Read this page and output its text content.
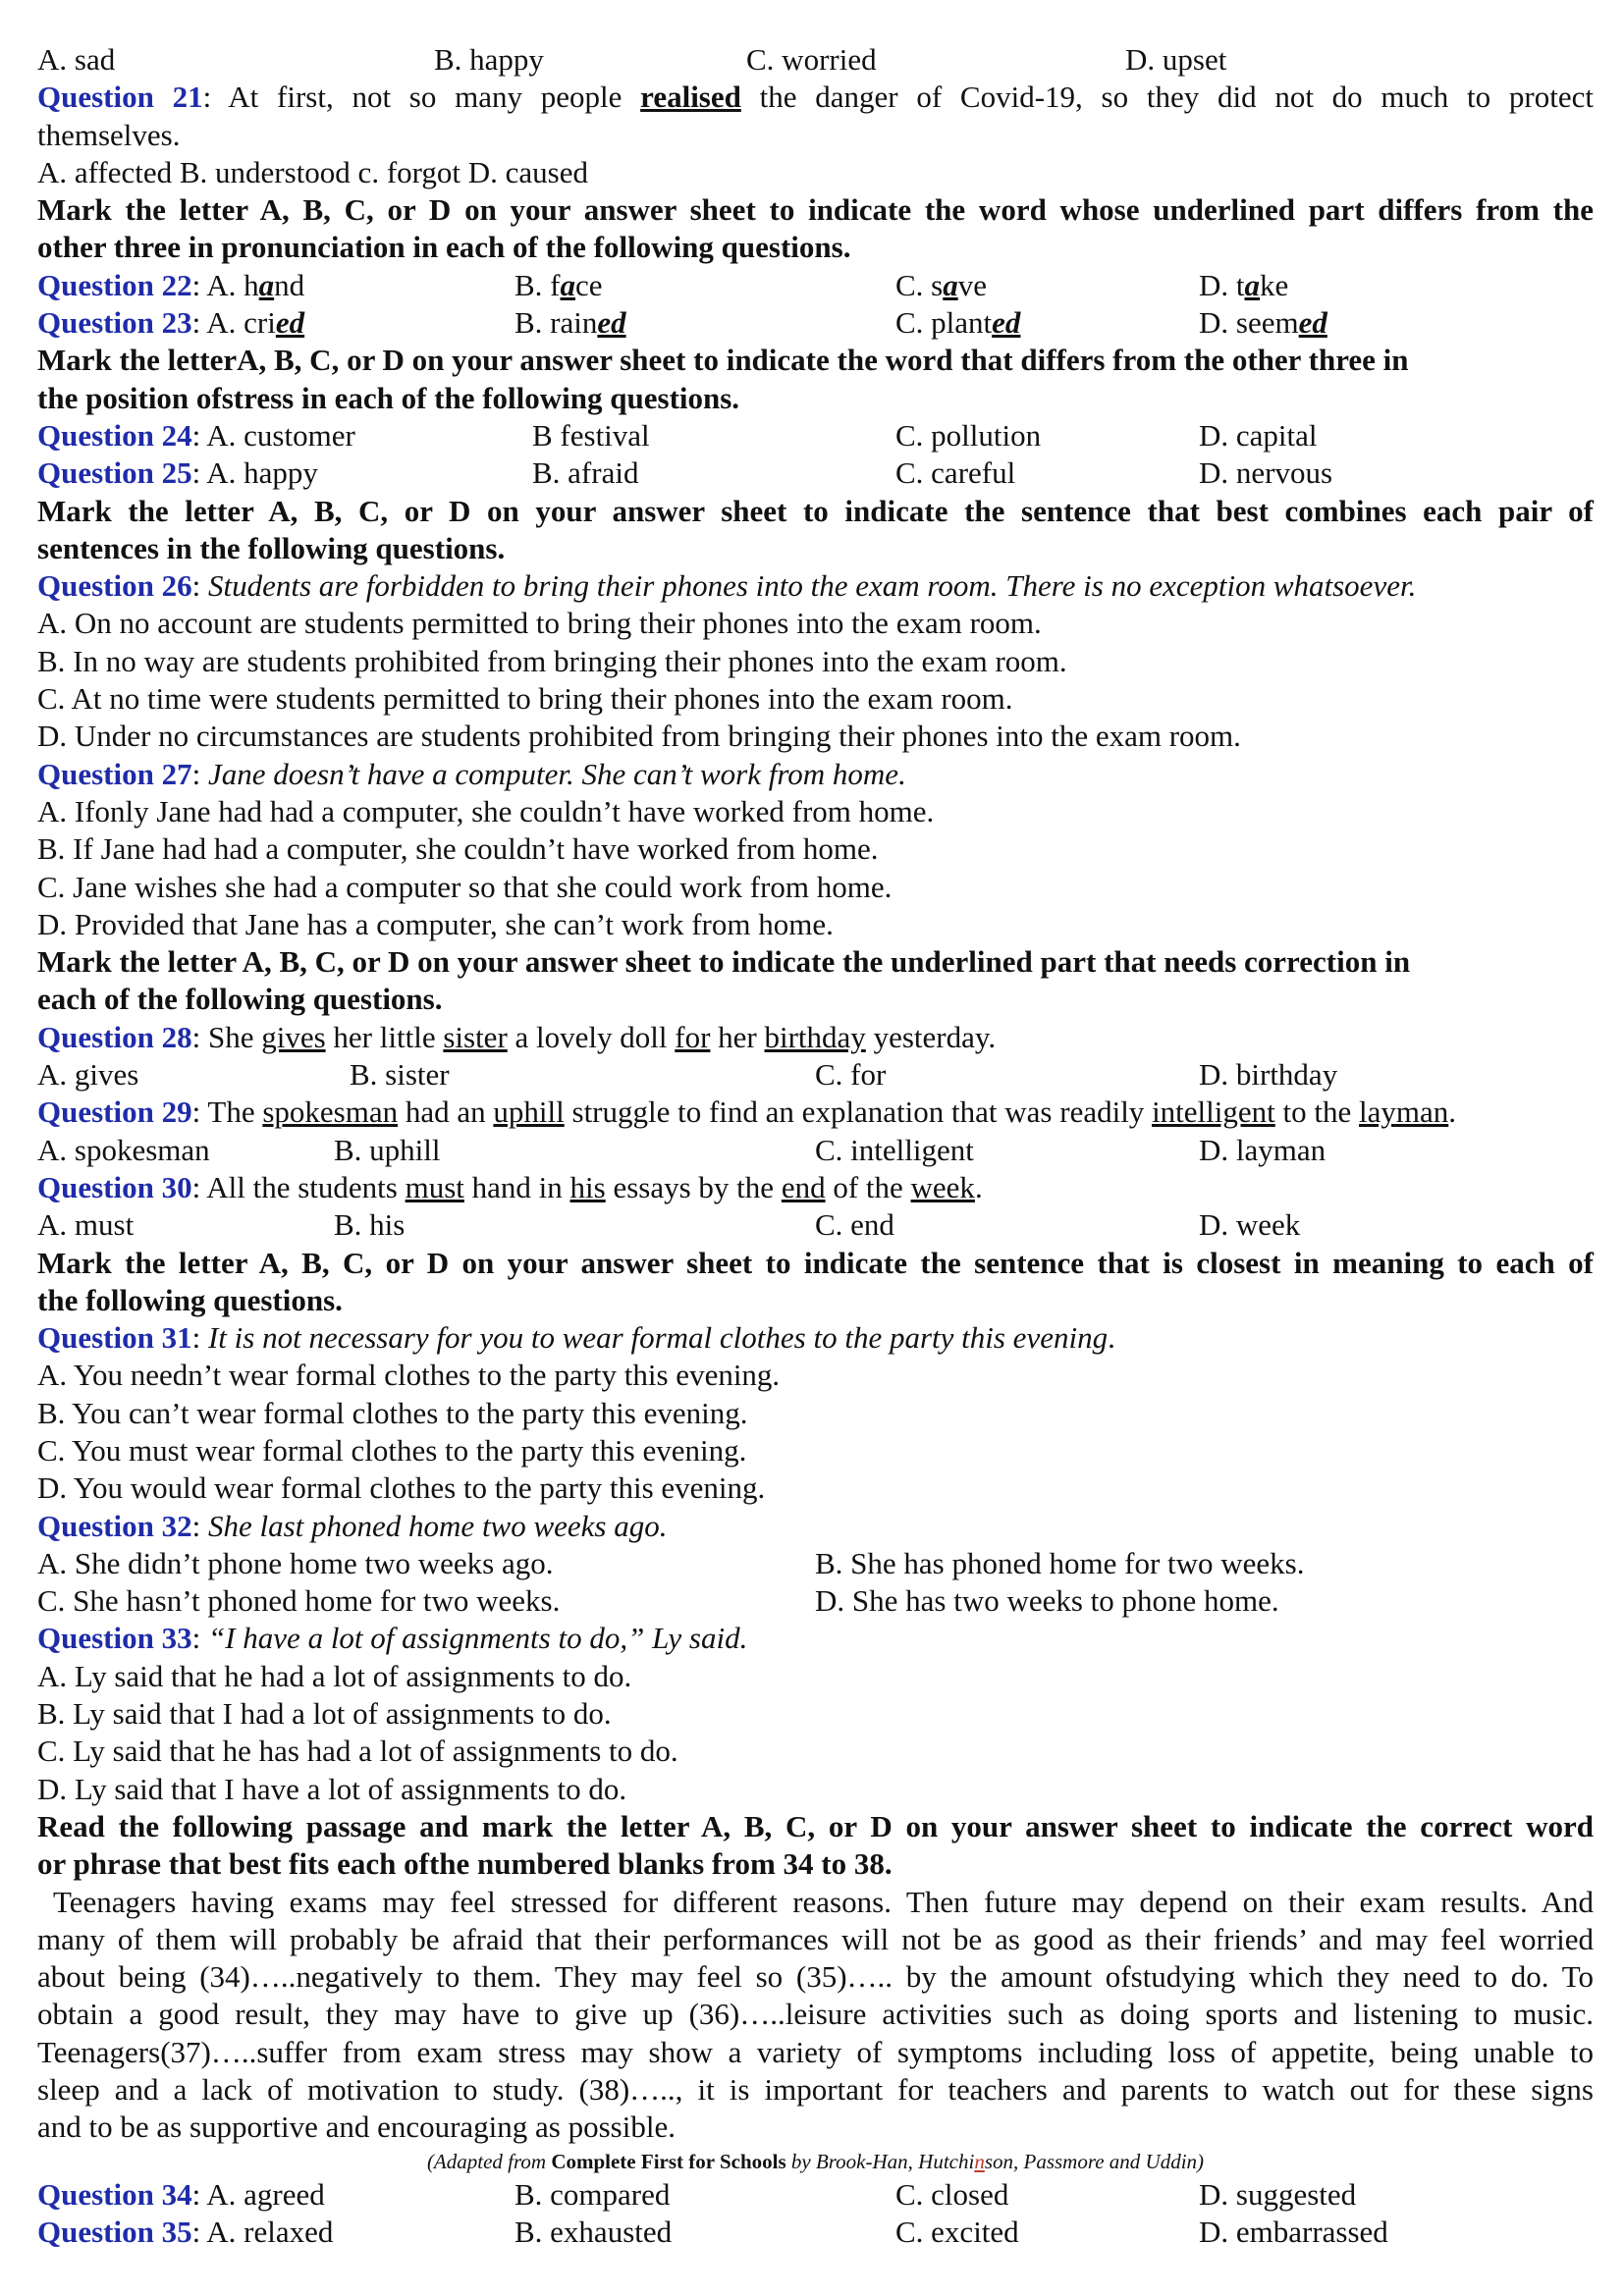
A. sad	B. happy	C. worried	D. upset
Question 21: At first, not so many people realised the danger of Covid-19, so they did not do much to protect
themselves.
A. affected B. understood c. forgot D. caused
Mark the letter A, B, C, or D on your answer sheet to indicate the word whose underlined part differs from the
other three in pronunciation in each of the following questions.
Question 22: A. hand	B. face	C. save	D. take
Question 23: A. cried	B. rained	C. planted	D. seemed
Mark the letterA, B, C, or D on your answer sheet to indicate the word that differs from the other three in
the position ofstress in each of the following questions.
Question 24: A. customer	B festival	C. pollution	D. capital
Question 25: A. happy	B. afraid	C. careful	D. nervous
Mark the letter A, B, C, or D on your answer sheet to indicate the sentence that best combines each pair of
sentences in the following questions.
Question 26: Students are forbidden to bring their phones into the exam room. There is no exception whatsoever.
A. On no account are students permitted to bring their phones into the exam room.
B. In no way are students prohibited from bringing their phones into the exam room.
C. At no time were students permitted to bring their phones into the exam room.
D. Under no circumstances are students prohibited from bringing their phones into the exam room.
Question 27: Jane doesn’t have a computer. She can’t work from home.
A. Ifonly Jane had had a computer, she couldn’t have worked from home.
B. If Jane had had a computer, she couldn’t have worked from home.
C. Jane wishes she had a computer so that she could work from home.
D. Provided that Jane has a computer, she can’t work from home.
Mark the letter A, B, C, or D on your answer sheet to indicate the underlined part that needs correction in
each of the following questions.
Question 28: She gives her little sister a lovely doll for her birthday yesterday.
A. gives	B. sister	C. for	D. birthday
Question 29: The spokesman had an uphill struggle to find an explanation that was readily intelligent to the layman.
A. spokesman	B. uphill	C. intelligent	D. layman
Question 30: All the students must hand in his essays by the end of the week.
A. must	B. his	C. end	D. week
Mark the letter A, B, C, or D on your answer sheet to indicate the sentence that is closest in meaning to each of
the following questions.
Question 31: It is not necessary for you to wear formal clothes to the party this evening.
A. You needn’t wear formal clothes to the party this evening.
B. You can’t wear formal clothes to the party this evening.
C. You must wear formal clothes to the party this evening.
D. You would wear formal clothes to the party this evening.
Question 32: She last phoned home two weeks ago.
A. She didn’t phone home two weeks ago.	B. She has phoned home for two weeks.
C. She hasn’t phoned home for two weeks.	D. She has two weeks to phone home.
Question 33: “I have a lot of assignments to do,” Ly said.
A. Ly said that he had a lot of assignments to do.
B. Ly said that I had a lot of assignments to do.
C. Ly said that he has had a lot of assignments to do.
D. Ly said that I have a lot of assignments to do.
Read the following passage and mark the letter A, B, C, or D on your answer sheet to indicate the correct word
or phrase that best fits each ofthe numbered blanks from 34 to 38.
Teenagers having exams may feel stressed for different reasons. Then future may depend on their exam results. And
many of them will probably be afraid that their performances will not be as good as their friends’ and may feel worried
about being (34)…..negatively to them. They may feel so (35)….. by the amount ofstudying which they need to do. To
obtain a good result, they may have to give up (36)…..leisure activities such as doing sports and listening to music.
Teenagers(37)…..suffer from exam stress may show a variety of symptoms including loss of appetite, being unable to
sleep and a lack of motivation to study. (38)….., it is important for teachers and parents to watch out for these signs
and to be as supportive and encouraging as possible.
(Adapted from Complete First for Schools by Brook-Han, Hutchinson, Passmore and Uddin)
Question 34: A. agreed	B. compared	C. closed	D. suggested
Question 35: A. relaxed	B. exhausted	C. excited	D. embarrassed
